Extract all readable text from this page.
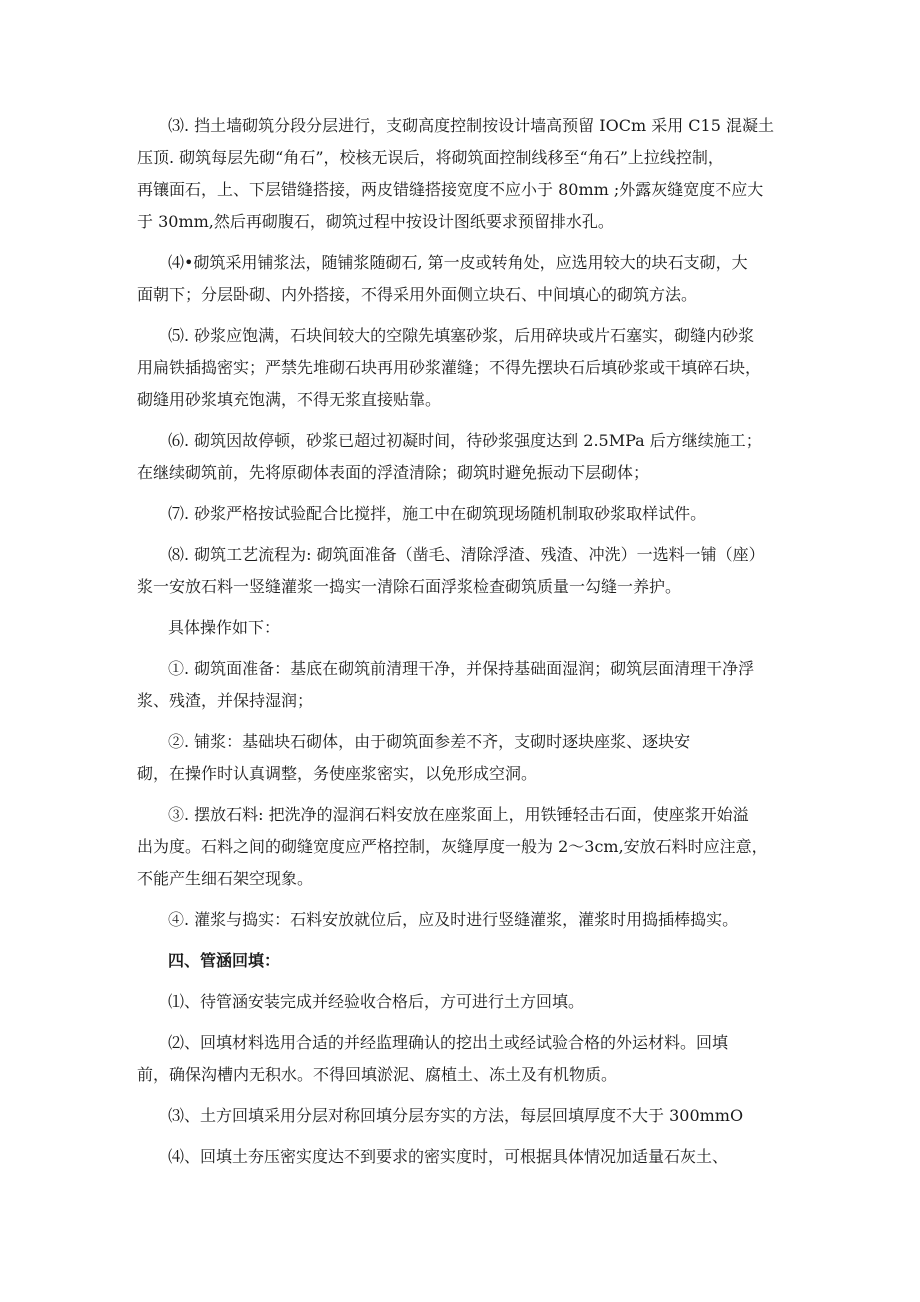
⑶. 挡土墙砌筑分段分层进行，支砌高度控制按设计墙高预留 IOCm 采用 C15 混凝土
压顶. 砌筑每层先砌“角石”，校核无误后，将砌筑面控制线移至“角石”上拉线控制，
再镶面石，上、下层错缝搭接，两皮错缝搭接宽度不应小于 80mm ;外露灰缝宽度不应大
于 30mm,然后再砌腹石，砌筑过程中按设计图纸要求预留排水孔。
⑷•砌筑采用铺浆法，随铺浆随砌石, 第一皮或转角处，应选用较大的块石支砌，大
面朝下；分层卧砌、内外搭接，不得采用外面侧立块石、中间填心的砌筑方法。
⑸. 砂浆应饱满，石块间较大的空隙先填塞砂浆，后用碎块或片石塞实，砌缝内砂浆
用扁铁插捣密实；严禁先堆砌石块再用砂浆灌缝；不得先摆块石后填砂浆或干填碎石块，
砌缝用砂浆填充饱满，不得无浆直接贴靠。
⑹. 砌筑因故停顿，砂浆已超过初凝时间，待砂浆强度达到 2.5MPa 后方继续施工；
在继续砌筑前，先将原砌体表面的浮渣清除；砌筑时避免振动下层砌体；
⑺. 砂浆严格按试验配合比搅拌，施工中在砌筑现场随机制取砂浆取样试件。
⑻. 砌筑工艺流程为: 砌筑面准备（凿毛、清除浮渣、残渣、冲洗）一选料一铺（座）
浆一安放石料一竖缝灌浆一捣实一清除石面浮浆检查砌筑质量一勾缝一养护。
具体操作如下：
①. 砌筑面准备：基底在砌筑前清理干净，并保持基础面湿润；砌筑层面清理干净浮
浆、残渣，并保持湿润；
②. 铺浆：基础块石砌体，由于砌筑面参差不齐，支砌时逐块座浆、逐块安
砌，在操作时认真调整，务使座浆密实，以免形成空洞。
③. 摆放石料: 把洗净的湿润石料安放在座浆面上，用铁锤轻击石面，使座浆开始溢
出为度。石料之间的砌缝宽度应严格控制，灰缝厚度一般为 2〜3cm,安放石料时应注意，
不能产生细石架空现象。
④. 灌浆与捣实：石料安放就位后，应及时进行竖缝灌浆，灌浆时用捣插棒捣实。
四、管涵回填：
⑴、待管涵安装完成并经验收合格后，方可进行土方回填。
⑵、回填材料选用合适的并经监理确认的挖出土或经试验合格的外运材料。回填
前，确保沟槽内无积水。不得回填淤泥、腐植土、冻土及有机物质。
⑶、土方回填采用分层对称回填分层夯实的方法，每层回填厚度不大于 300mmO
⑷、回填土夯压密实度达不到要求的密实度时，可根据具体情况加适量石灰土、
